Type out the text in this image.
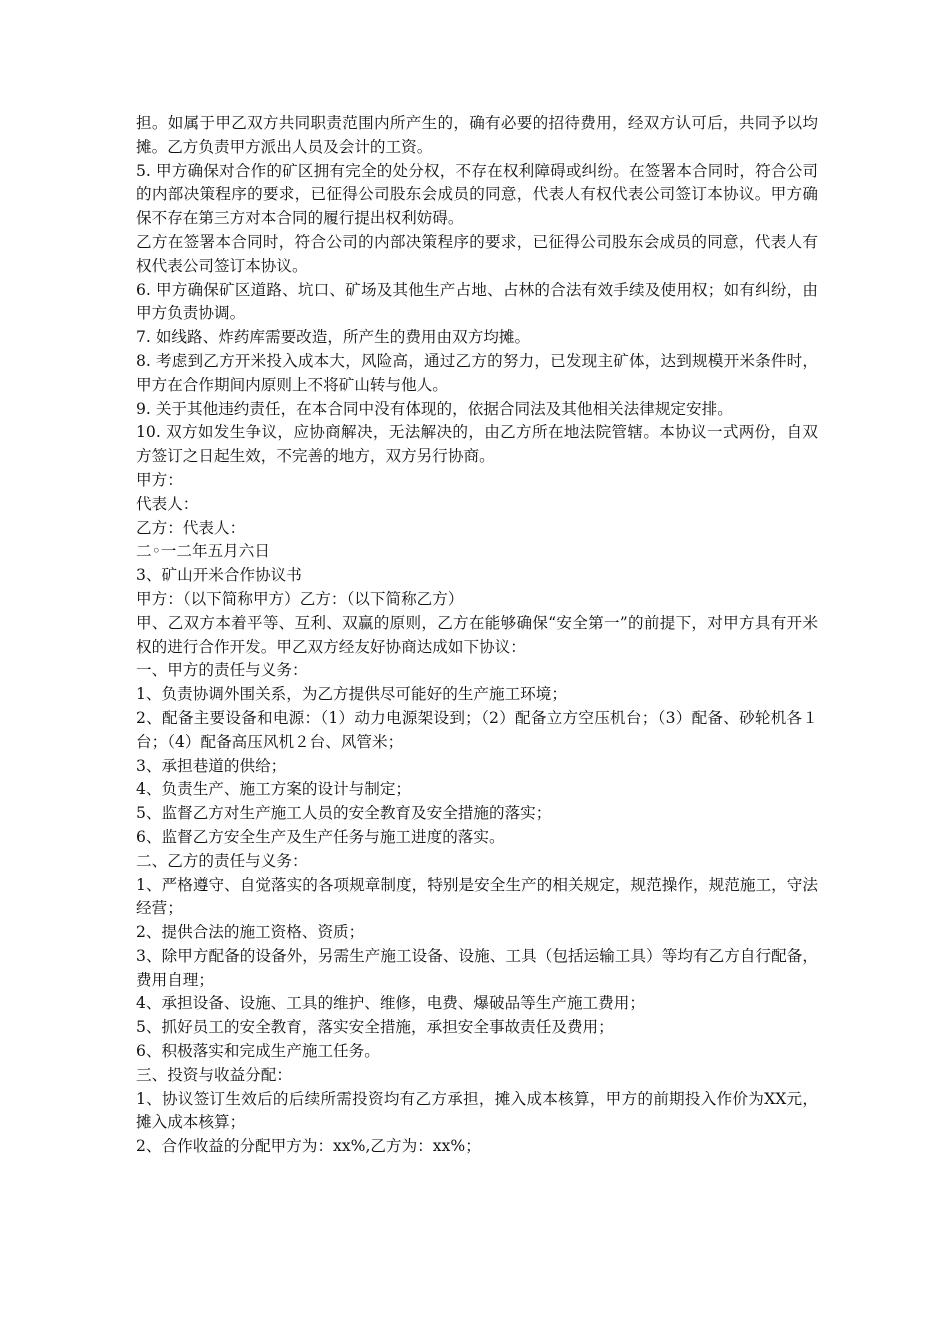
担。如属于甲乙双方共同职责范围内所产生的，确有必要的招待费用，经双方认可后，共同予以均摊。乙方负责甲方派出人员及会计的工资。

5. 甲方确保对合作的矿区拥有完全的处分权，不存在权利障碍或纠纷。在签署本合同时，符合公司的内部决策程序的要求，已征得公司股东会成员的同意，代表人有权代表公司签订本协议。甲方确保不存在第三方对本合同的履行提出权利妨碍。

乙方在签署本合同时，符合公司的内部决策程序的要求，已征得公司股东会成员的同意，代表人有权代表公司签订本协议。

6. 甲方确保矿区道路、坑口、矿场及其他生产占地、占林的合法有效手续及使用权；如有纠纷，由甲方负责协调。

7. 如线路、炸药库需要改造，所产生的费用由双方均摊。

8. 考虑到乙方开米投入成本大，风险高，通过乙方的努力，已发现主矿体，达到规模开米条件时，甲方在合作期间内原则上不将矿山转与他人。

9. 关于其他违约责任，在本合同中没有体现的，依据合同法及其他相关法律规定安排。

10. 双方如发生争议，应协商解决，无法解决的，由乙方所在地法院管辖。本协议一式两份，自双方签订之日起生效，不完善的地方，双方另行协商。

甲方：

代表人：

乙方：代表人：

二◦一二年五月六日

3、矿山开米合作协议书

甲方：（以下简称甲方）乙方：（以下简称乙方）

甲、乙双方本着平等、互利、双赢的原则，乙方在能够确保“安全第一”的前提下，对甲方具有开米权的进行合作开发。甲乙双方经友好协商达成如下协议：

一、甲方的责任与义务：

1、负责协调外围关系，为乙方提供尽可能好的生产施工环境；

2、配备主要设备和电源：（1）动力电源架设到；（2）配备立方空压机台；（3）配备、砂轮机各１台；（4）配备高压风机２台、风管米；

3、承担巷道的供给；

4、负责生产、施工方案的设计与制定；

5、监督乙方对生产施工人员的安全教育及安全措施的落实；

6、监督乙方安全生产及生产任务与施工进度的落实。

二、乙方的责任与义务：

1、严格遵守、自觉落实的各项规章制度，特别是安全生产的相关规定，规范操作，规范施工，守法经营；

2、提供合法的施工资格、资质；

3、除甲方配备的设备外，另需生产施工设备、设施、工具（包括运输工具）等均有乙方自行配备，费用自理；

4、承担设备、设施、工具的维护、维修，电费、爆破品等生产施工费用；

5、抓好员工的安全教育，落实安全措施，承担安全事故责任及费用；

6、积极落实和完成生产施工任务。

三、投资与收益分配：

1、协议签订生效后的后续所需投资均有乙方承担，摊入成本核算，甲方的前期投入作价为XX元，摊入成本核算；

2、合作收益的分配甲方为：xx%,乙方为：xx%；
